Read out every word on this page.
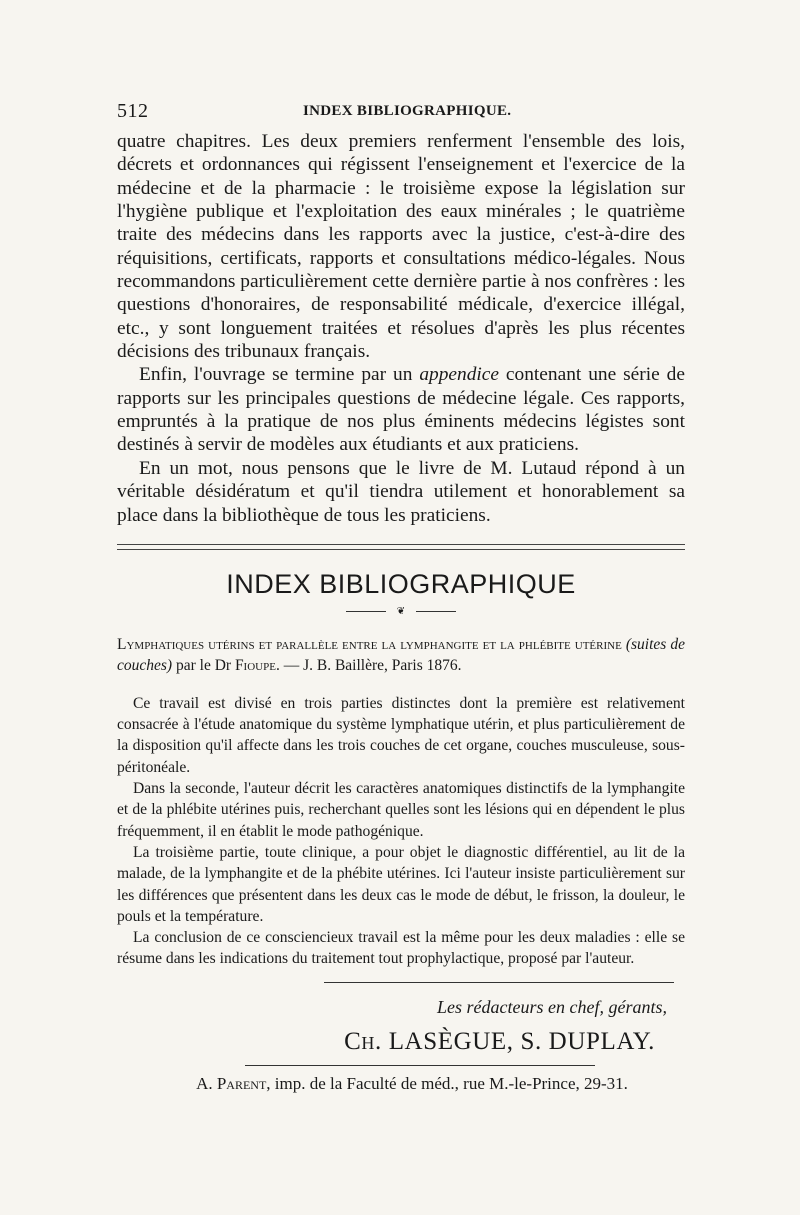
512	INDEX BIBLIOGRAPHIQUE.

quatre chapitres. Les deux premiers renferment l'ensemble des lois, décrets et ordonnances qui régissent l'enseignement et l'exercice de la médecine et de la pharmacie : le troisième expose la législation sur l'hygiène publique et l'exploitation des eaux minérales ; le quatrième traite des médecins dans les rapports avec la justice, c'est-à-dire des réquisitions, certificats, rapports et consultations médico-légales. Nous recommandons particulièrement cette dernière partie à nos confrères : les questions d'honoraires, de responsabilité médicale, d'exercice illégal, etc., y sont longuement traitées et résolues d'après les plus récentes décisions des tribunaux français.

Enfin, l'ouvrage se termine par un appendice contenant une série de rapports sur les principales questions de médecine légale. Ces rapports, empruntés à la pratique de nos plus éminents médecins légistes sont destinés à servir de modèles aux étudiants et aux praticiens.

En un mot, nous pensons que le livre de M. Lutaud répond à un véritable désidératum et qu'il tiendra utilement et honorablement sa place dans la bibliothèque de tous les praticiens.

INDEX BIBLIOGRAPHIQUE
❦

Lymphatiques utérins et parallèle entre la lymphangite et la phlébite utérine (suites de couches) par le Dr Fioupe. — J. B. Baillère, Paris 1876.

Ce travail est divisé en trois parties distinctes dont la première est relativement consacrée à l'étude anatomique du système lymphatique utérin, et plus particulièrement de la disposition qu'il affecte dans les trois couches de cet organe, couches musculeuse, sous-péritonéale.

Dans la seconde, l'auteur décrit les caractères anatomiques distinctifs de la lymphangite et de la phlébite utérines puis, recherchant quelles sont les lésions qui en dépendent le plus fréquemment, il en établit le mode pathogénique.

La troisième partie, toute clinique, a pour objet le diagnostic différentiel, au lit de la malade, de la lymphangite et de la phébite utérines. Ici l'auteur insiste particulièrement sur les différences que présentent dans les deux cas le mode de début, le frisson, la douleur, le pouls et la température.

La conclusion de ce consciencieux travail est la même pour les deux maladies : elle se résume dans les indications du traitement tout prophylactique, proposé par l'auteur.

Les rédacteurs en chef, gérants,
Ch. LASÈGUE, S. DUPLAY.
A. Parent, imp. de la Faculté de méd., rue M.-le-Prince, 29-31.
